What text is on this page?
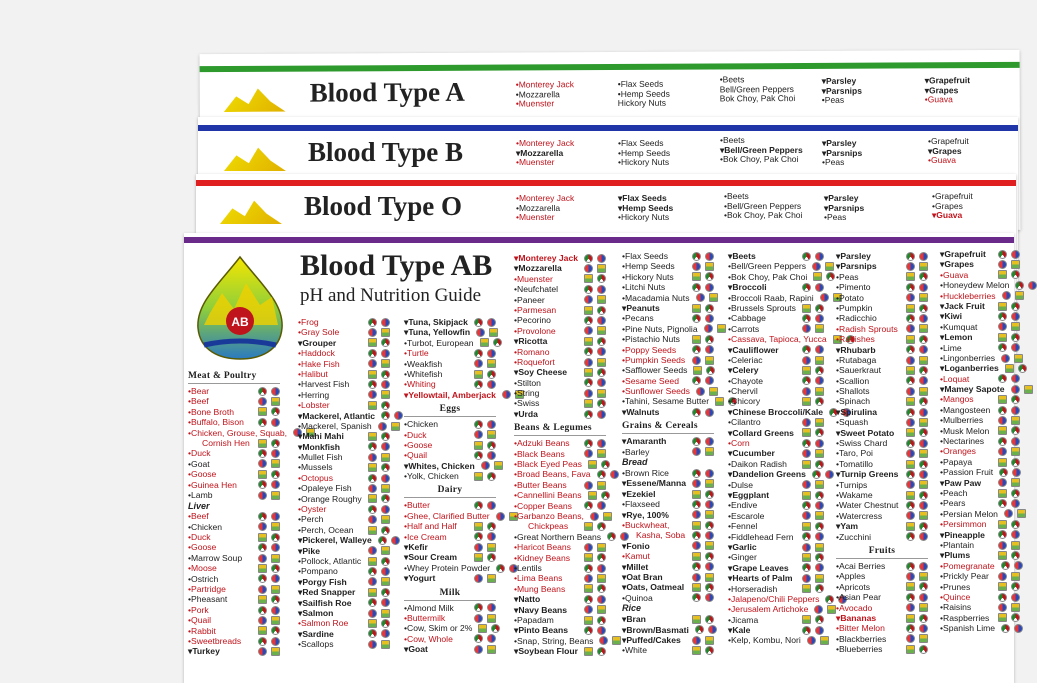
Blood Type A	•Monterey Jack
•Mozzarella
•Muenster
•Flax Seeds
•Hemp Seeds
Hickory Nuts
•Beets
Bell/Green Peppers
Bok Choy, Pak Choi
▾Parsley
▾Parsnips
•Peas
▾Grapefruit
▾Grapes
•Guava
Blood Type B	•Monterey Jack
▾Mozzarella
•Muenster
•Flax Seeds
•Hemp Seeds
•Hickory Nuts
•Beets
▾Bell/Green Peppers
•Bok Choy, Pak Choi
▾Parsley
▾Parsnips
•Peas
•Grapefruit
▾Grapes
•Guava
Blood Type O	•Monterey Jack
•Mozzarella
•Muenster
▾Flax Seeds
▾Hemp Seeds
•Hickory Nuts
•Beets
•Bell/Green Peppers
•Bok Choy, Pak Choi
▾Parsley
▾Parsnips
•Peas
•Grapefruit
•Grapes
▾Guava
AB
Blood Type AB
pH and Nutrition Guide
Meat & Poultry
•Bear
•Beef
•Bone Broth
•Buffalo, Bison
•Chicken, Grouse, Squab,
Cornish Hen
•Duck
•Goat
•Goose
•Guinea Hen
•Lamb
Liver
•Beef
•Chicken
•Duck
•Goose
•Marrow Soup
•Moose
•Ostrich
•Partridge
•Pheasant
•Pork
•Quail
•Rabbit
•Sweetbreads
▾Turkey
•Frog
•Gray Sole
▾Grouper
•Haddock
•Hake Fish
•Halibut
•Harvest Fish
•Herring
•Lobster
▾Mackerel, Atlantic
•Mackerel, Spanish
▾Mahi Mahi
▾Monkfish
•Mullet Fish
•Mussels
•Octopus
•Opaleye Fish
•Orange Roughy
•Oyster
•Perch
•Perch, Ocean
▾Pickerel, Walleye
▾Pike
•Pollock, Atlantic
•Pompano
▾Porgy Fish
▾Red Snapper
▾Sailfish Roe
▾Salmon
•Salmon Roe
▾Sardine
•Scallops
▾Tuna, Skipjack
▾Tuna, Yellowfin
•Turbot, European
•Turtle
•Weakfish
•Whitefish
•Whiting
▾Yellowtail, Amberjack
Eggs
•Chicken
•Duck
•Goose
•Quail
▾Whites, Chicken
•Yolk, Chicken
Dairy
•Butter
•Ghee, Clarified Butter
•Half and Half
•Ice Cream
▾Kefir
▾Sour Cream
•Whey Protein Powder
▾Yogurt
Milk
•Almond Milk
•Buttermilk
•Cow, Skim or 2%
•Cow, Whole
▾Goat
▾Monterey Jack
▾Mozzarella
•Muenster
•Neufchatel
•Paneer
•Parmesan
•Pecorino
•Provolone
▾Ricotta
•Romano
•Roquefort
▾Soy Cheese
•Stilton
•String
•Swiss
▾Urda
Beans & Legumes
•Adzuki Beans
•Black Beans
•Black Eyed Peas
•Broad Beans, Fava
•Butter Beans
•Cannellini Beans
•Copper Beans
•Garbanzo Beans,
Chickpeas
•Great Northern Beans
•Haricot Beans
•Kidney Beans
•Lentils
•Lima Beans
•Mung Beans
▾Natto
▾Navy Beans
•Papadam
▾Pinto Beans
•Snap, String, Beans
▾Soybean Flour
•Flax Seeds
•Hemp Seeds
•Hickory Nuts
•Litchi Nuts
•Macadamia Nuts
▾Peanuts
•Pecans
•Pine Nuts, Pignolia
•Pistachio Nuts
•Poppy Seeds
•Pumpkin Seeds
•Safflower Seeds
•Sesame Seed
•Sunflower Seeds
•Tahini, Sesame Butter
▾Walnuts
Grains & Cereals
▾Amaranth
•Barley
Bread
•Brown Rice
▾Essene/Manna
▾Ezekiel
•Flaxseed
▾Rye, 100%
•Buckwheat,
Kasha, Soba
▾Fonio
•Kamut
▾Millet
▾Oat Bran
▾Oats, Oatmeal
•Quinoa
Rice
▾Bran
▾Brown/Basmati
▾Puffed/Cakes
•White
▾Beets
•Bell/Green Peppers
•Bok Choy, Pak Choi
▾Broccoli
•Broccoli Raab, Rapini
•Brussels Sprouts
•Cabbage
•Carrots
•Cassava, Tapioca, Yucca
▾Cauliflower
•Celeriac
▾Celery
•Chayote
•Chervil
•Chicory
▾Chinese Broccoli/Kale
•Cilantro
▾Collard Greens
•Corn
▾Cucumber
•Daikon Radish
▾Dandelion Greens
•Dulse
▾Eggplant
•Endive
•Escarole
•Fennel
•Fiddlehead Fern
▾Garlic
•Ginger
▾Grape Leaves
▾Hearts of Palm
•Horseradish
•Jalapeno/Chili Peppers
•Jerusalem Artichoke
•Jicama
▾Kale
•Kelp, Kombu, Nori
▾Parsley
▾Parsnips
•Peas
•Pimento
•Potato
•Pumpkin
•Radicchio
•Radish Sprouts
•Radishes
▾Rhubarb
•Rutabaga
•Sauerkraut
•Scallion
•Shallots
•Spinach
▾Spirulina
•Squash
▾Sweet Potato
•Swiss Chard
•Taro, Poi
•Tomatillo
▾Turnip Greens
•Turnips
•Wakame
•Water Chestnut
•Watercress
▾Yam
•Zucchini
Fruits
•Acai Berries
•Apples
•Apricots
•Asian Pear
•Avocado
▾Bananas
•Bitter Melon
•Blackberries
•Blueberries
▾Grapefruit
▾Grapes
•Guava
•Honeydew Melon
•Huckleberries
▾Jack Fruit
▾Kiwi
•Kumquat
▾Lemon
•Lime
•Lingonberries
▾Loganberries
•Loquat
▾Mamey Sapote
•Mangos
•Mangosteen
•Mulberries
•Musk Melon
•Nectarines
•Oranges
•Papaya
•Passion Fruit
▾Paw Paw
•Peach
•Pears
•Persian Melon
•Persimmon
▾Pineapple
•Plantain
▾Plums
•Pomegranate
•Prickly Pear
•Prunes
•Quince
•Raisins
•Raspberries
•Spanish Lime
